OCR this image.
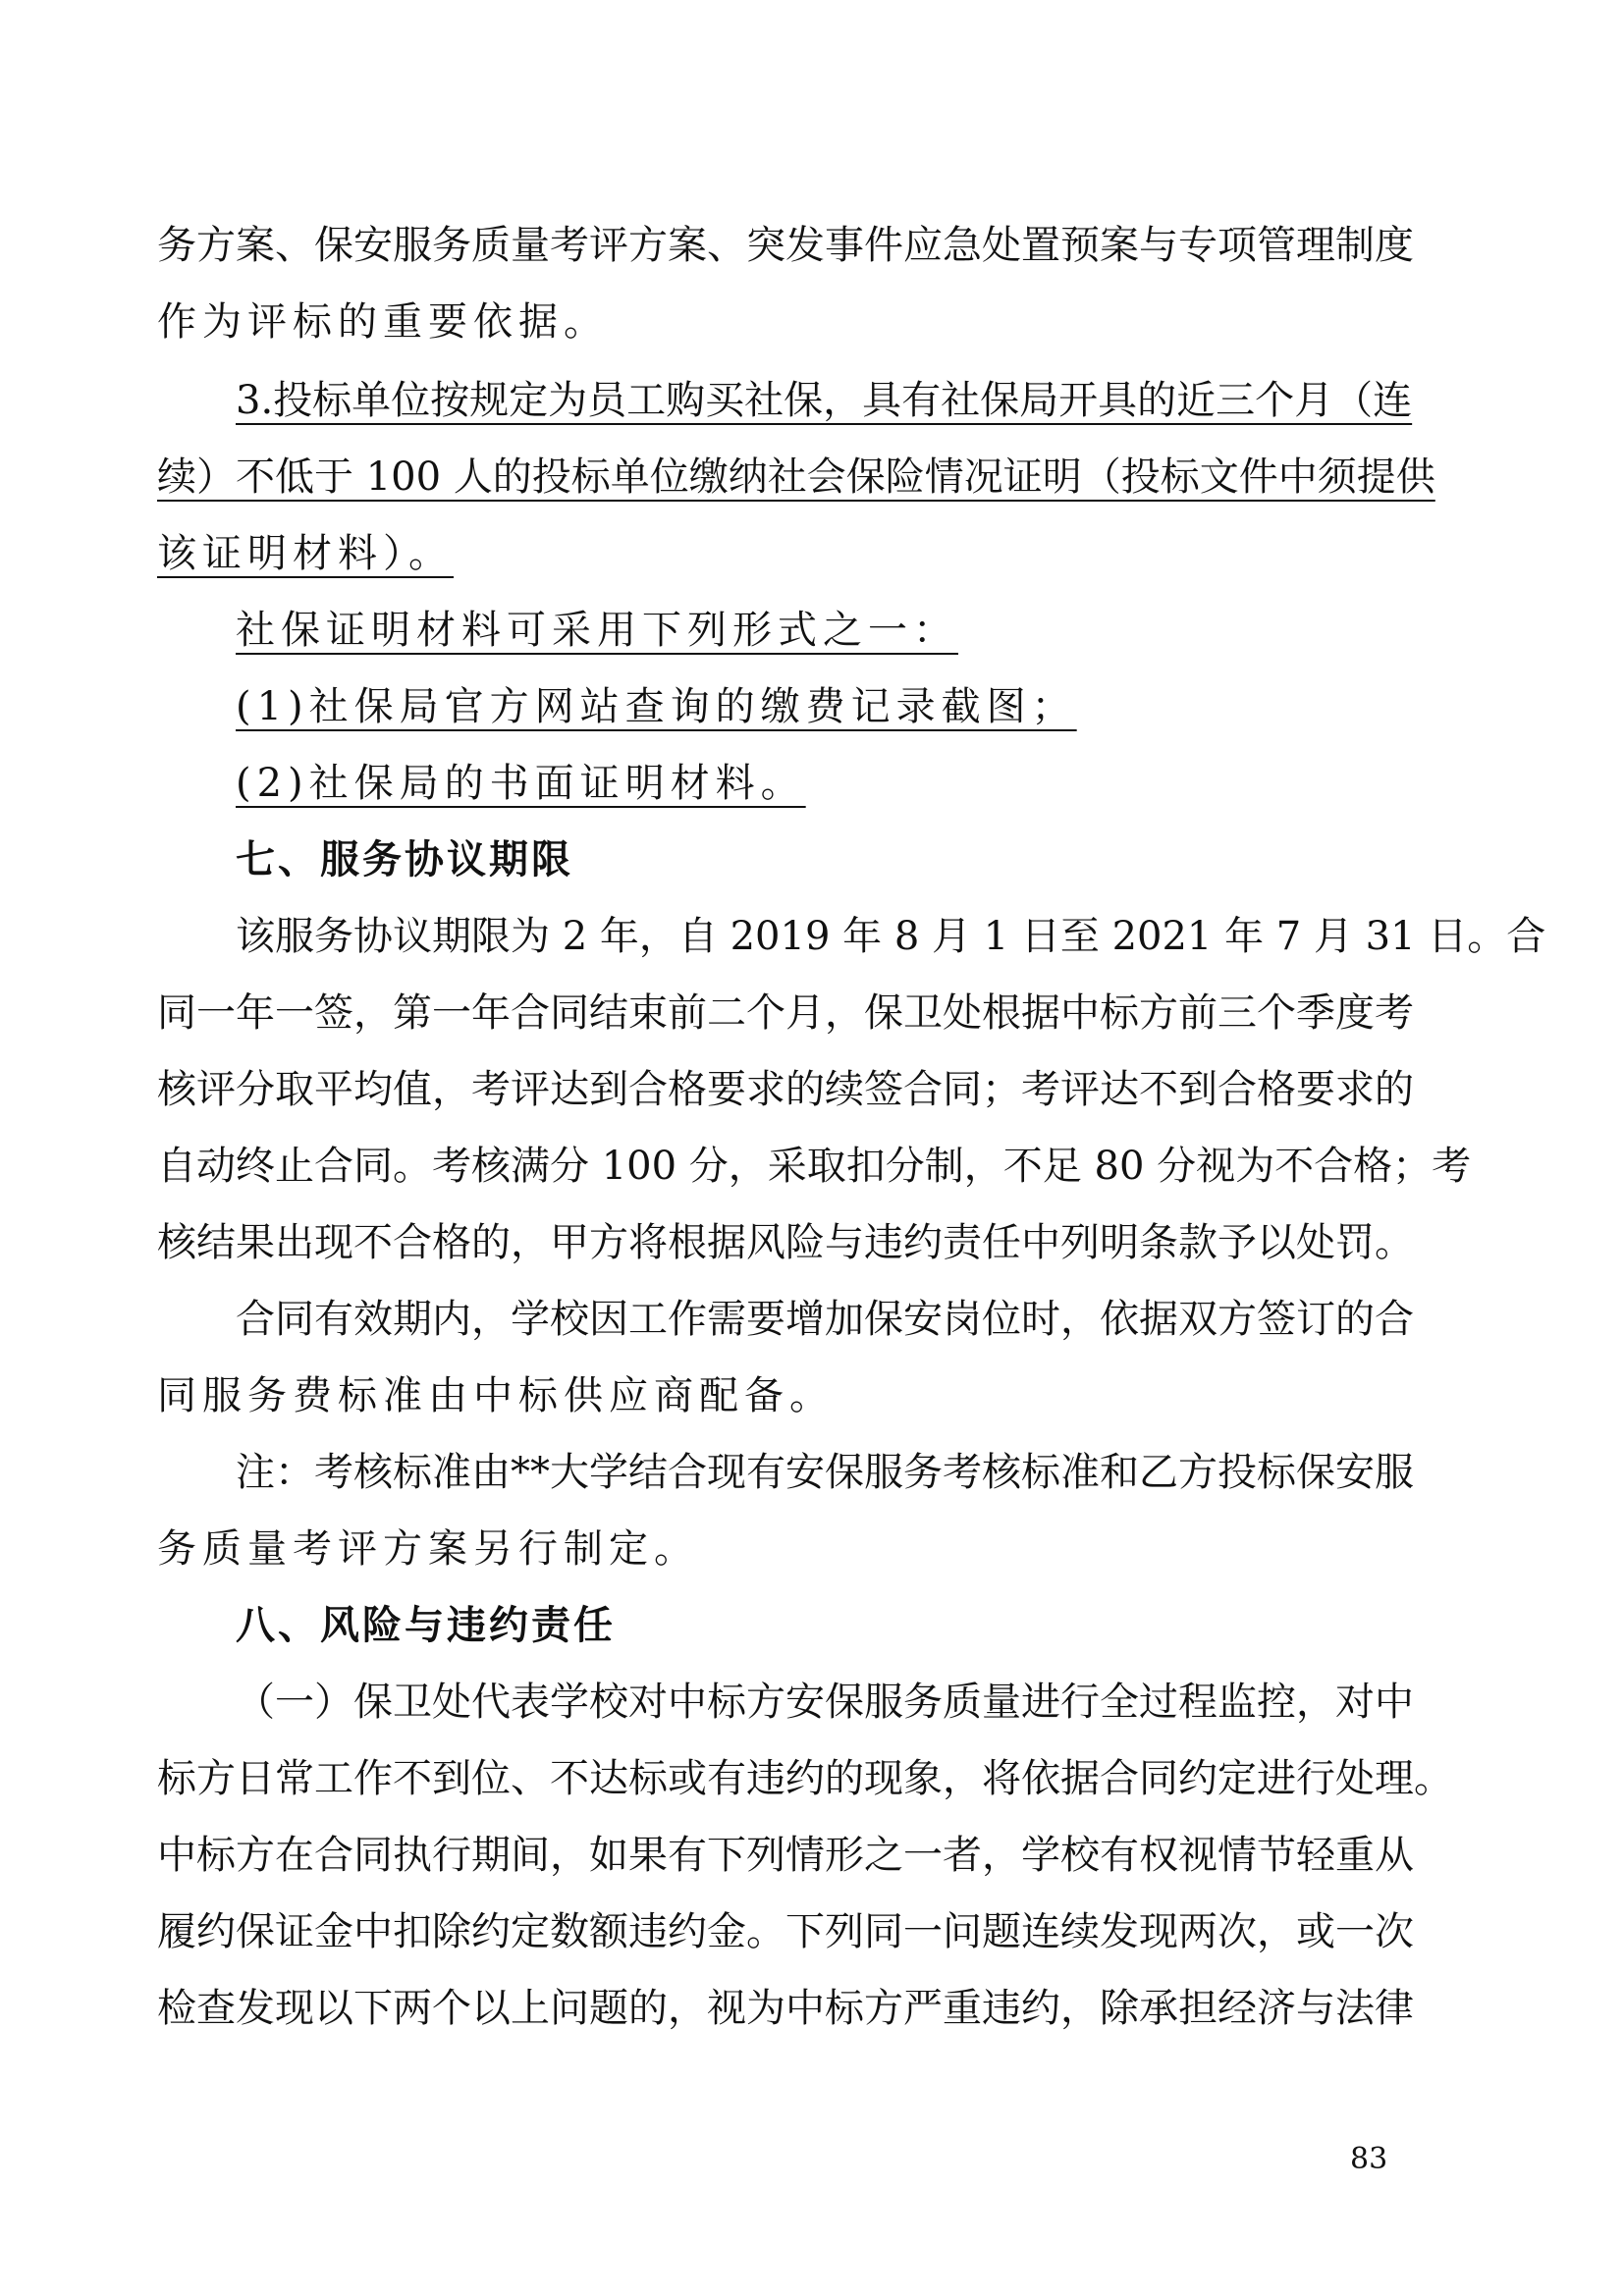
务方案、保安服务质量考评方案、突发事件应急处置预案与专项管理制度
作为评标的重要依据。
3.投标单位按规定为员工购买社保，具有社保局开具的近三个月（连
续）不低于 100 人的投标单位缴纳社会保险情况证明（投标文件中须提供
该证明材料）。
社保证明材料可采用下列形式之一：
(1)社保局官方网站查询的缴费记录截图；
(2)社保局的书面证明材料。
七、服务协议期限
该服务协议期限为 2 年，自 2019 年 8 月 1 日至 2021 年 7 月 31 日。合
同一年一签，第一年合同结束前二个月，保卫处根据中标方前三个季度考
核评分取平均值，考评达到合格要求的续签合同；考评达不到合格要求的
自动终止合同。考核满分 100 分，采取扣分制，不足 80 分视为不合格；考
核结果出现不合格的，甲方将根据风险与违约责任中列明条款予以处罚。
合同有效期内，学校因工作需要增加保安岗位时，依据双方签订的合
同服务费标准由中标供应商配备。
注：考核标准由**大学结合现有安保服务考核标准和乙方投标保安服
务质量考评方案另行制定。
八、风险与违约责任
（一）保卫处代表学校对中标方安保服务质量进行全过程监控，对中
标方日常工作不到位、不达标或有违约的现象，将依据合同约定进行处理。
中标方在合同执行期间，如果有下列情形之一者，学校有权视情节轻重从
履约保证金中扣除约定数额违约金。下列同一问题连续发现两次，或一次
检查发现以下两个以上问题的，视为中标方严重违约，除承担经济与法律
83
